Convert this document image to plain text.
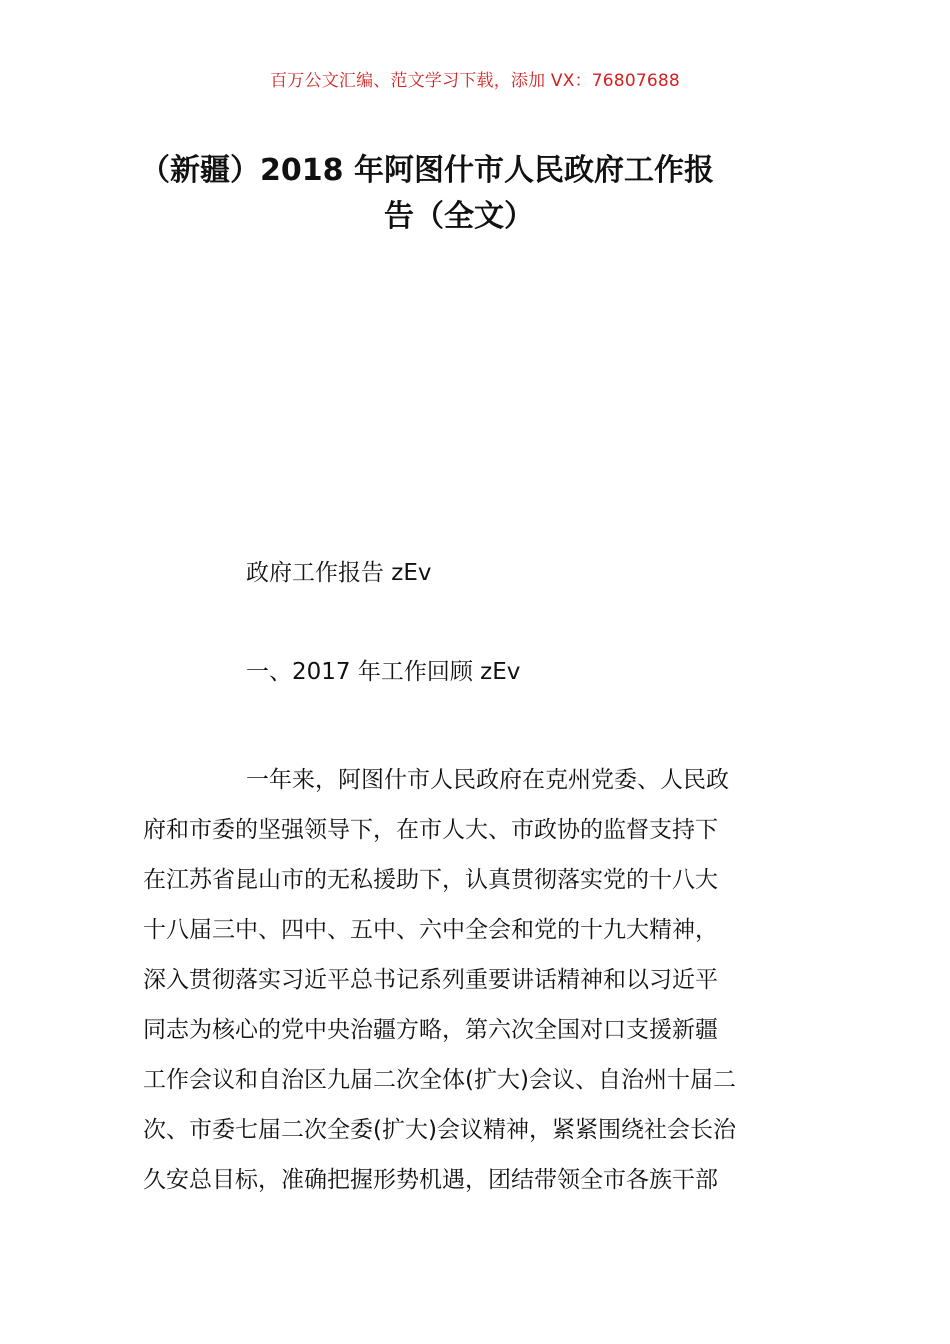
百万公文汇编、范文学习下载，添加 VX：76807688
（新疆）2018 年阿图什市人民政府工作报
告（全文）
政府工作报告 zEv
一、2017 年工作回顾 zEv
一年来，阿图什市人民政府在克州党委、人民政
府和市委的坚强领导下，在市人大、市政协的监督支持下
在江苏省昆山市的无私援助下，认真贯彻落实党的十八大
十八届三中、四中、五中、六中全会和党的十九大精神，
深入贯彻落实习近平总书记系列重要讲话精神和以习近平
同志为核心的党中央治疆方略，第六次全国对口支援新疆
工作会议和自治区九届二次全体(扩大)会议、自治州十届二
次、市委七届二次全委(扩大)会议精神，紧紧围绕社会长治
久安总目标，准确把握形势机遇，团结带领全市各族干部
